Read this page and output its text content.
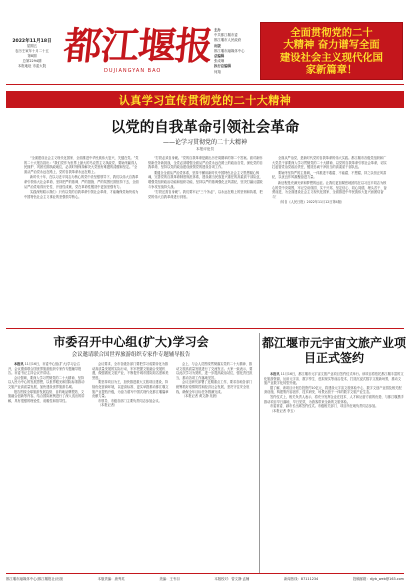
2022年11月18日
星期五
农历壬寅年十月二十五
第8期
总第2294期
本报地址 市委大院 都江堰报
DUJIANGYAN BAO
主办
中共都江堰市委
都江堰市人民政府
出版
都江堰市融媒体中心
总编辑
张成琳
执行总编辑
何翔
全面贯彻党的二十
大精神 奋力谱写全面
建设社会主义现代化国
家新篇章！
认真学习宣传贯彻党的二十大精神
以党的自我革命引领社会革命
——论学习贯彻党的二十大精神
本报评论员

“全面建设社会主义现代化国家、全面推进中华民族伟大复兴，关键在党。”党的二十大报告指出：“我们党作为世界上最大的马克思主义执政党，要始终赢得人民拥护、巩固长期执政地位，必须时刻保持解决大党独有难题的清醒和坚定。”全面从严治党永远在路上，党的自我革命永远在路上。

新时代十年，在以习近平同志为核心的党中央坚强领导下，我们以伟大自我革命引领伟大社会革命，坚持把严的基调、严的措施、严的氛围长期坚持下去，全面从严治党取得历史性、开创性成就，党在革命性锻造中更加坚强有力。

实践深刻昭示我们：只有以党的自我革命引领社会革命，才能确保党始终成为中国特色社会主义事业的坚强领导核心。

“打铁必须自身硬。”党的自我革命是跳出历史周期率的第二个答案。面对新形势新任务新挑战，全党必须增强全面从严治党永远在路上的政治自觉，深化党的自我革命，坚持以党的政治建设统领党的建设各项工作。

要健全全面从严治党体系，坚持不懈用新时代中国特色社会主义思想凝心铸魂，完善党的自我革命制度规范体系，建设堪当民族复兴重任的高素质干部队伍，增强党组织政治功能和组织功能，坚持以严的基调强化正风肃纪，坚决打赢反腐败斗争攻坚战持久战。

“打铁还需自身硬”。我们要牢记“三个务必”，以永远在路上的坚韧和执着，把党的伟大自我革命进行到底。

全面从严治党，是新时代党的自我革命的伟大实践。都江堰市各级党组织和广大党员干部要深入学习贯彻党的二十大精神，以党的自我革命引领社会革命，切实扛起管党治党政治责任，锻造忠诚干净担当的高素质干部队伍。

要始终坚持严的主基调，一体推进不敢腐、不能腐、不想腐，持之以恒正风肃纪，以优良作风凝聚奋进力量。

新征程是充满光荣和梦想的远征。让我们更加紧密地团结在以习近平同志为核心的党中央周围，牢记空谈误国、实干兴邦，坚定信心、同心同德，埋头苦干、奋勇前进，为全面建设社会主义现代化国家、全面推进中华民族伟大复兴而团结奋斗！

（转自《人民日报》2022年11月12日第4版）

市委召开中心组(扩大)学习会
会议邀请联合国世界旅游组织专家作专题辅导报告

本报讯 11月16日，市委中心组(扩大)学习会召开，会议邀请联合国世界旅游组织专家作专题辅导报告。市委书记主持会议并讲话。

会议强调，要深入学习贯彻党的二十大精神，坚持以人民为中心的发展思想，以世界眼光和国际标准推动文旅产业高质量发展，加快建设世界旅游名城。

报告围绕全球旅游发展趋势、目的地品牌塑造、文旅融合创新等内容，结合国际案例进行了深入浅出的讲解，具有很强的理论性、前瞻性和指导性。

会议要求，全市各级各部门要把学习成果转化为推动高质量发展的实际行动，牢牢把握文旅融合发展机遇，做强做优文旅产业，不断提升城市国际知名度和美誉度。

要坚持项目为王，加快推进重大文旅项目建设，持续优化营商环境，以更高标准、更实举措推动都江堰文旅产业提档升级，为奋力谱写中国式现代化都江堰篇章贡献力量。

市领导，市级各部门主要负责同志参加会议。

（本报记者）

会上，与会人员围绕贯彻落实党的二十大精神、推动文旅高质量发展进行了交流发言。大家一致表示，要以此次学习为契机，进一步提高政治站位，强化责任担当，推动各项工作落地见效。

会议还研究部署了近期重点工作，要求各地各部门统筹抓好疫情防控和经济社会发展，坚决守住安全底线，确保全年目标任务圆满完成。

（本报记者 黄文静 吴晨）

都江堰市元宇宙文旅产业项目正式签约

本报讯 11月16日，都江堰市元宇宙文旅产业项目签约仪式举行。该项目将依托都江堰丰富的文化旅游资源，运用元宇宙、数字孪生、虚拟现实等前沿技术，打造沉浸式数字文旅新场景，推动文旅产业数字化转型升级。

据了解，该项目计划总投资约10亿元，将建设元宇宙文旅体验中心、数字文创产业园及相关配套设施，构建集内容创作、技术研发、场景运营于一体的数字文旅产业生态。

签约仪式上，相关负责人表示，将充分发挥企业在技术、人才和运营方面的优势，与都江堰携手推动项目早日落地、早日见效，为游客带来全新的文旅体验。

市委常委、副市长出席签约仪式。市级相关部门、项目所在地负责同志参加。

（本报记者 李玉）

都江堰市融媒体中心(都江堰报社)出版	本版责编：唐秀英	美编：王韦羽	本版校对：曾文静 孟楠	新闻热线：87111234	投稿邮箱：djyb_web@163.com
